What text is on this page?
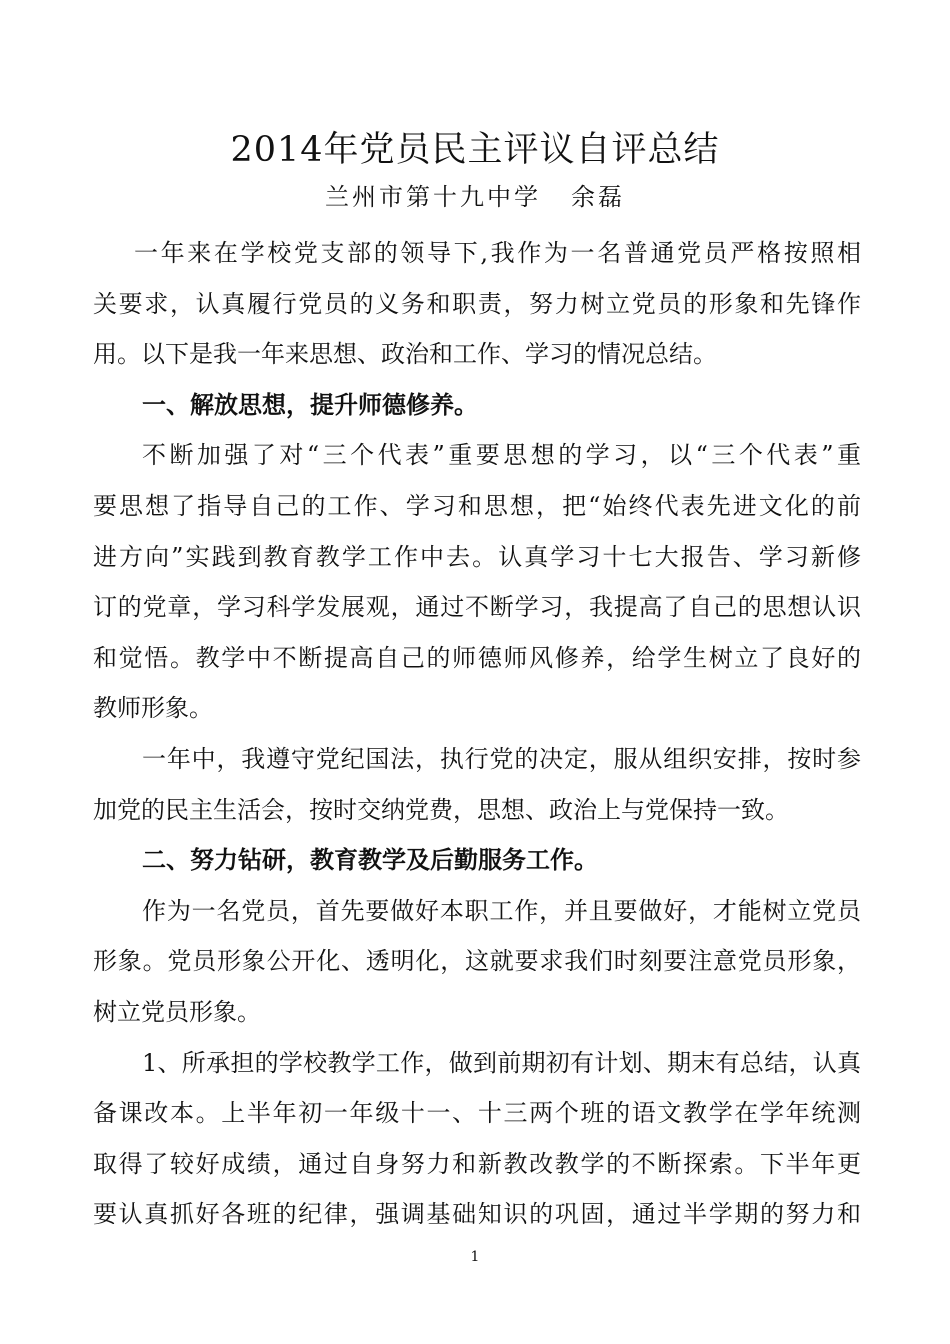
2014年党员民主评议自评总结
兰州市第十九中学 余磊
一年来在学校党支部的领导下,我作为一名普通党员严格按照相
关要求，认真履行党员的义务和职责，努力树立党员的形象和先锋作
用。以下是我一年来思想、政治和工作、学习的情况总结。
一、解放思想，提升师德修养。
不断加强了对“三个代表”重要思想的学习，以“三个代表”重
要思想了指导自己的工作、学习和思想，把“始终代表先进文化的前
进方向”实践到教育教学工作中去。认真学习十七大报告、学习新修
订的党章，学习科学发展观，通过不断学习，我提高了自己的思想认识
和觉悟。教学中不断提高自己的师德师风修养，给学生树立了良好的
教师形象。
一年中，我遵守党纪国法，执行党的决定，服从组织安排，按时参
加党的民主生活会，按时交纳党费，思想、政治上与党保持一致。
二、努力钻研，教育教学及后勤服务工作。
作为一名党员，首先要做好本职工作，并且要做好，才能树立党员
形象。党员形象公开化、透明化，这就要求我们时刻要注意党员形象，
树立党员形象。
1、所承担的学校教学工作，做到前期初有计划、期末有总结，认真
备课改本。上半年初一年级十一、十三两个班的语文教学在学年统测
取得了较好成绩，通过自身努力和新教改教学的不断探索。下半年更
要认真抓好各班的纪律，强调基础知识的巩固，通过半学期的努力和
1
